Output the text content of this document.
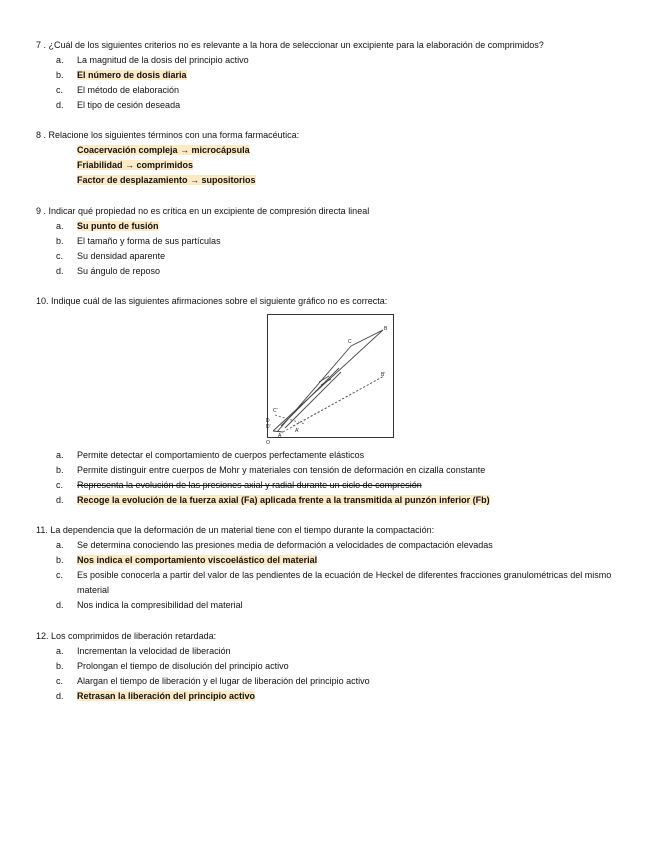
7 . ¿Cuál de los siguientes criterios no es relevante a la hora de seleccionar un excipiente para la elaboración de comprimidos?
a. La magnitud de la dosis del principio activo
b. El número de dosis diaria
c. El método de elaboración
d. El tipo de cesión deseada
8 . Relacione los siguientes términos con una forma farmacéutica:
Coacervación compleja → microcápsula
Friabilidad → comprimidos
Factor de desplazamiento → supositorios
9 . Indicar qué propiedad no es crítica en un excipiente de compresión directa lineal
a. Su punto de fusión
b. El tamaño y forma de sus partículas
c. Su densidad aparente
d. Su ángulo de reposo
10. Indique cuál de las siguientes afirmaciones sobre el siguiente gráfico no es correcta:
B
C
B'
C'
D
D'
A
A'
O
a. Permite detectar el comportamiento de cuerpos perfectamente elásticos
b. Permite distinguir entre cuerpos de Mohr y materiales con tensión de deformación en cizalla constante
c. Representa la evolución de las presiones axial y radial durante un ciclo de compresión
d. Recoge la evolución de la fuerza axial (Fa) aplicada frente a la transmitida al punzón inferior (Fb)
11. La dependencia que la deformación de un material tiene con el tiempo durante la compactación:
a. Se determina conociendo las presiones media de deformación a velocidades de compactación elevadas
b. Nos indica el comportamiento viscoelástico del material
c. Es posible conocerla a partir del valor de las pendientes de la ecuación de Heckel de diferentes fracciones granulométricas del mismo material
d. Nos indica la compresibilidad del material
12. Los comprimidos de liberación retardada:
a. Incrementan la velocidad de liberación
b. Prolongan el tiempo de disolución del principio activo
c. Alargan el tiempo de liberación y el lugar de liberación del principio activo
d. Retrasan la liberación del principio activo
